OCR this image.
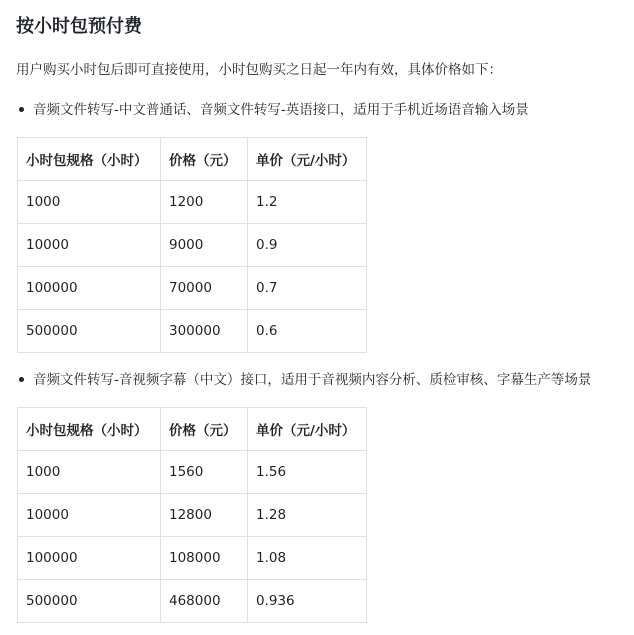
按小时包预付费

用户购买小时包后即可直接使用，小时包购买之日起一年内有效，具体价格如下：

音频文件转写-中文普通话、音频文件转写-英语接口，适用于手机近场语音输入场景

小时包规格（小时）	价格（元）	单价（元/小时）
1000	1200	1.2
10000	9000	0.9
100000	70000	0.7
500000	300000	0.6

音频文件转写-音视频字幕（中文）接口，适用于音视频内容分析、质检审核、字幕生产等场景

小时包规格（小时）	价格（元）	单价（元/小时）
1000	1560	1.56
10000	12800	1.28
100000	108000	1.08
500000	468000	0.936
